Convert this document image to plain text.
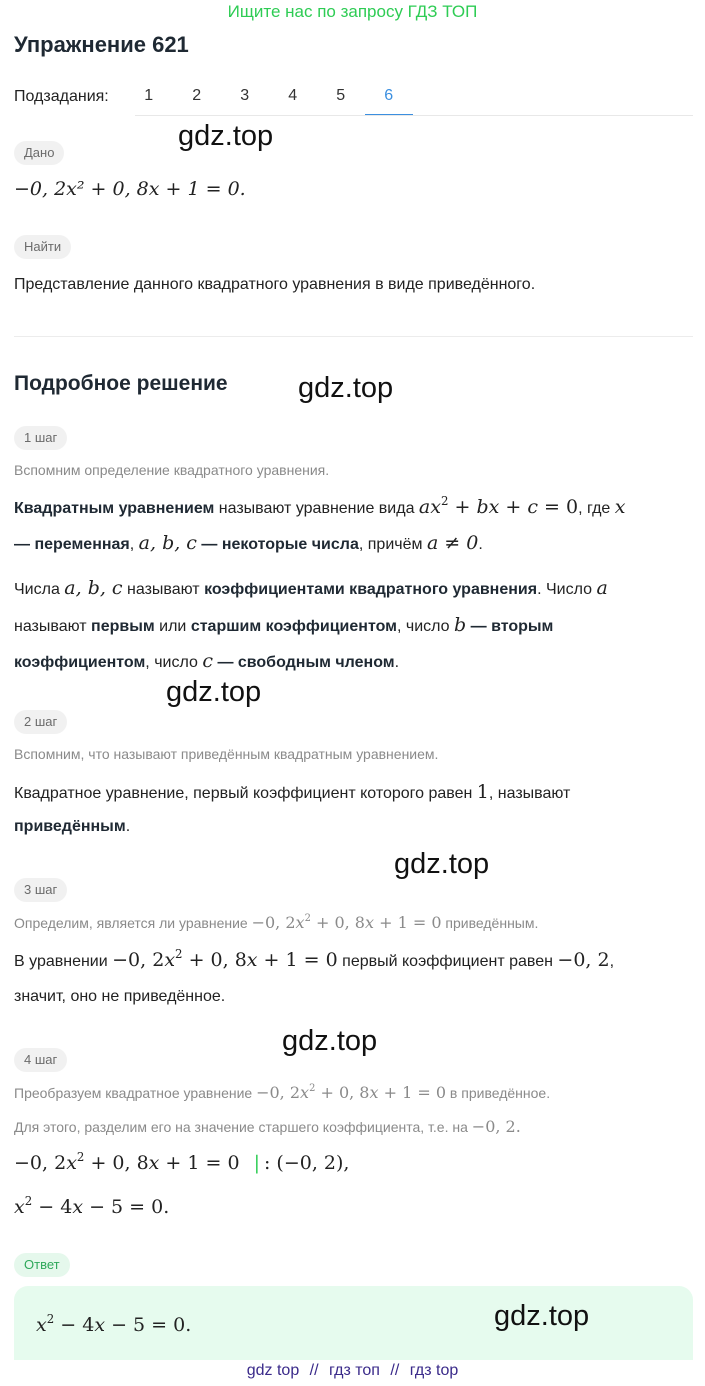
Ищите нас по запросу ГДЗ ТОП
Упражнение 621
Подзадания:	1	2	3	4	5	6
Дано
gdz.top
−0, 2x² + 0, 8x + 1 = 0.
Найти
Представление данного квадратного уравнения в виде приведённого.
Подробное решение gdz.top
1 шаг
Вспомним определение квадратного уравнения.
Квадратным уравнением называют уравнение вида $ax^2$ + bx + c = 0, где x
— переменная, a, b, c — некоторые числа, причём a ≠ 0.
Числа a, b, c называют коэффициентами квадратного уравнения. Число a
называют первым или старшим коэффициентом, число b — вторым
коэффициентом, число c — свободным членом.
gdz.top
2 шаг
Вспомним, что называют приведённым квадратным уравнением.
Квадратное уравнение, первый коэффициент которого равен 1, называют
приведённым.
gdz.top
3 шаг
Определим, является ли уравнение −0, $2x^2 + 0$, 8x + 1 = 0 приведённым.
В уравнении −0, $2x^2 + 0$, 8x + 1 = 0 первый коэффициент равен −0, 2,
значит, оно не приведённое.
gdz.top
4 шаг
Преобразуем квадратное уравнение −0, $2x^2 + 0$, 8x + 1 = 0 в приведённое.
Для этого, разделим его на значение старшего коэффициента, т.е. на −0, 2.
−0, $2x^2 + 0$, 8x + 1 = 0 | : (−0, 2),
$x^2 - 4x - 5 = 0$.
Ответ
$x^2 - 4x - 5 = 0$.	gdz.top
gdz top // гдз топ // гдз top
